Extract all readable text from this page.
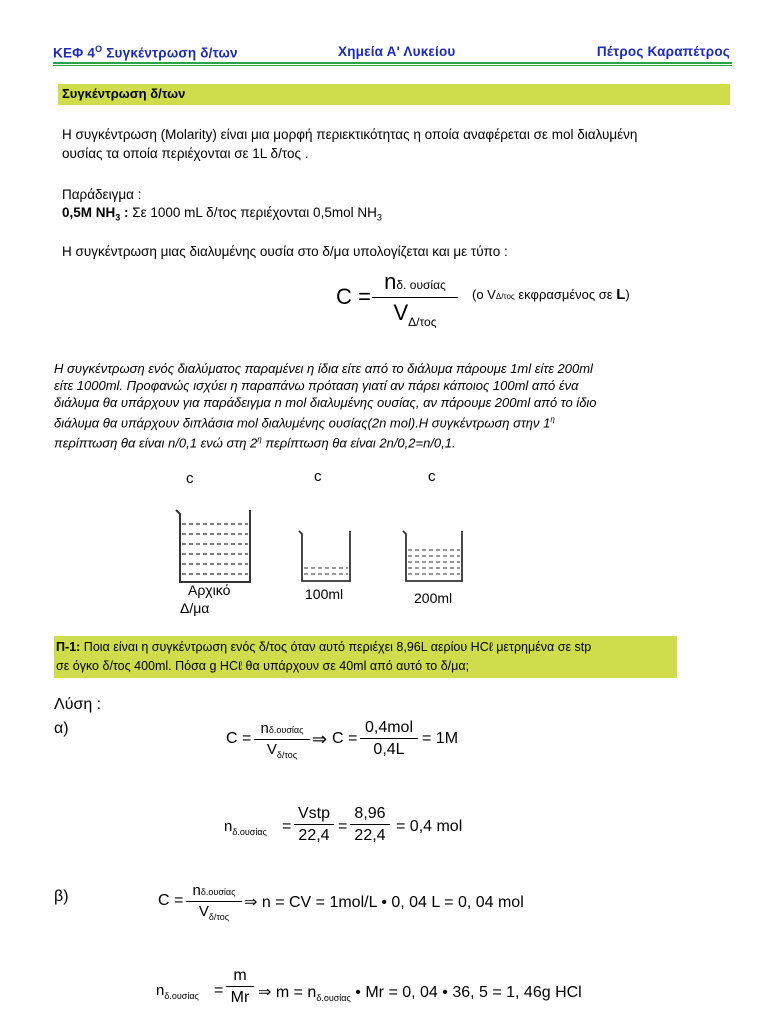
ΚΕΦ $4^O$ Συγκέντρωση δ/των	Χημεία Α' Λυκείου	Πέτρος Καραπέτρος
Συγκέντρωση δ/των
Η συγκέντρωση (Molarity) είναι μια μορφή περιεκτικότητας η οποία αναφέρεται σε mol διαλυμένη
ουσίας τα οποία περιέχονται σε 1L δ/τος .
Παράδειγμα :
0,5M $NH_3$ : Σε 1000 mL δ/τος περιέχονται 0,5mol $NH_3$
Η συγκέντρωση μιας διαλυμένης ουσία στο δ/μα υπολογίζεται και με τύπο :
C =
nδ. ουσίας
$V_{\Delta/\tau o\varsigma}$
(ο VΔ/τος εκφρασμένος σε L)
Η συγκέντρωση ενός διαλύματος παραμένει η ίδια είτε από το διάλυμα πάρουμε 1ml είτε 200ml
είτε 1000ml. Προφανώς ισχύει η παραπάνω πρόταση γιατί αν πάρει κάποιος 100ml από ένα
διάλυμα θα υπάρχουν για παράδειγμα n mol διαλυμένης ουσίας, αν πάρουμε 200ml από το ίδιο
διάλυμα θα υπάρχουν διπλάσια mol διαλυμένης ουσίας(2n mol).Η συγκέντρωση στην $1^\eta$
περίπτωση θα είναι n/0,1 ενώ στη $2^\eta$ περίπτωση θα είναι 2n/0,2=n/0,1.
c	c	c
Αρχικό
Δ/μα
100ml	200ml
Π-1: Ποια είναι η συγκέντρωση ενός δ/τος όταν αυτό περιέχει 8,96L αερίου HCℓ μετρημένα σε stp
σε όγκο δ/τος 400ml. Πόσα g HCℓ θα υπάρχουν σε 40ml από αυτό το δ/μα;
Λύση :
α)
C =
nδ.ουσίας
$V_{\delta/\tau o\varsigma}$
⇒ C =
0,4mol
0,4L
= 1M
$n_{\delta.o\upsilon\sigma ί\alpha\varsigma}$ =
Vstp
22,4
=
8,96
22,4
= 0,4 mol
β)	C =
nδ.ουσίας
$V_{\delta/\tau o\varsigma}$
⇒ n = CV = 1mol/L • 0, 04 L = 0, 04 mol
$n_{\delta.o\upsilon\sigma ί\alpha\varsigma}$ =
m
Mr ⇒ $m = n_{\delta.o\upsilon\sigma ί\alpha\varsigma}$ • Mr = 0, 04 • 36, 5 = 1, 46g HCl
